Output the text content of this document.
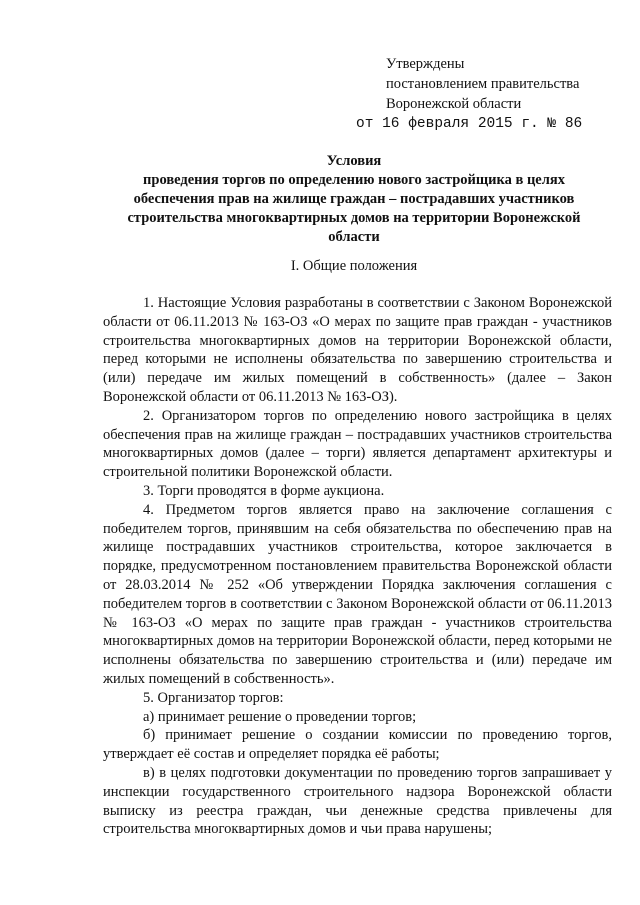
Утверждены
постановлением правительства
Воронежской области
от 16 февраля 2015 г. № 86
Условия
проведения торгов по определению нового застройщика в целях
обеспечения прав на жилище граждан – пострадавших участников
строительства многоквартирных домов на территории Воронежской
области
I. Общие положения

1. Настоящие Условия разработаны в соответствии с Законом Воронежской области от 06.11.2013 № 163-ОЗ «О мерах по защите прав граждан - участников строительства многоквартирных домов на территории Воронежской области, перед которыми не исполнены обязательства по завершению строительства и (или) передаче им жилых помещений в собственность» (далее – Закон Воронежской области от 06.11.2013 № 163-ОЗ).

2. Организатором торгов по определению нового застройщика в целях обеспечения прав на жилище граждан – пострадавших участников строительства многоквартирных домов (далее – торги) является департамент архитектуры и строительной политики Воронежской области.

3. Торги проводятся в форме аукциона.

4. Предметом торгов является право на заключение соглашения с победителем торгов, принявшим на себя обязательства по обеспечению прав на жилище пострадавших участников строительства, которое заключается в порядке, предусмотренном постановлением правительства Воронежской области от 28.03.2014 № 252 «Об утверждении Порядка заключения соглашения с победителем торгов в соответствии с Законом Воронежской области от 06.11.2013 № 163-ОЗ «О мерах по защите прав граждан - участников строительства многоквартирных домов на территории Воронежской области, перед которыми не исполнены обязательства по завершению строительства и (или) передаче им жилых помещений в собственность».

5. Организатор торгов:

а) принимает решение о проведении торгов;

б) принимает решение о создании комиссии по проведению торгов, утверждает её состав и определяет порядка её работы;

в) в целях подготовки документации по проведению торгов запрашивает у инспекции государственного строительного надзора Воронежской области выписку из реестра граждан, чьи денежные средства привлечены для строительства многоквартирных домов и чьи права нарушены;
